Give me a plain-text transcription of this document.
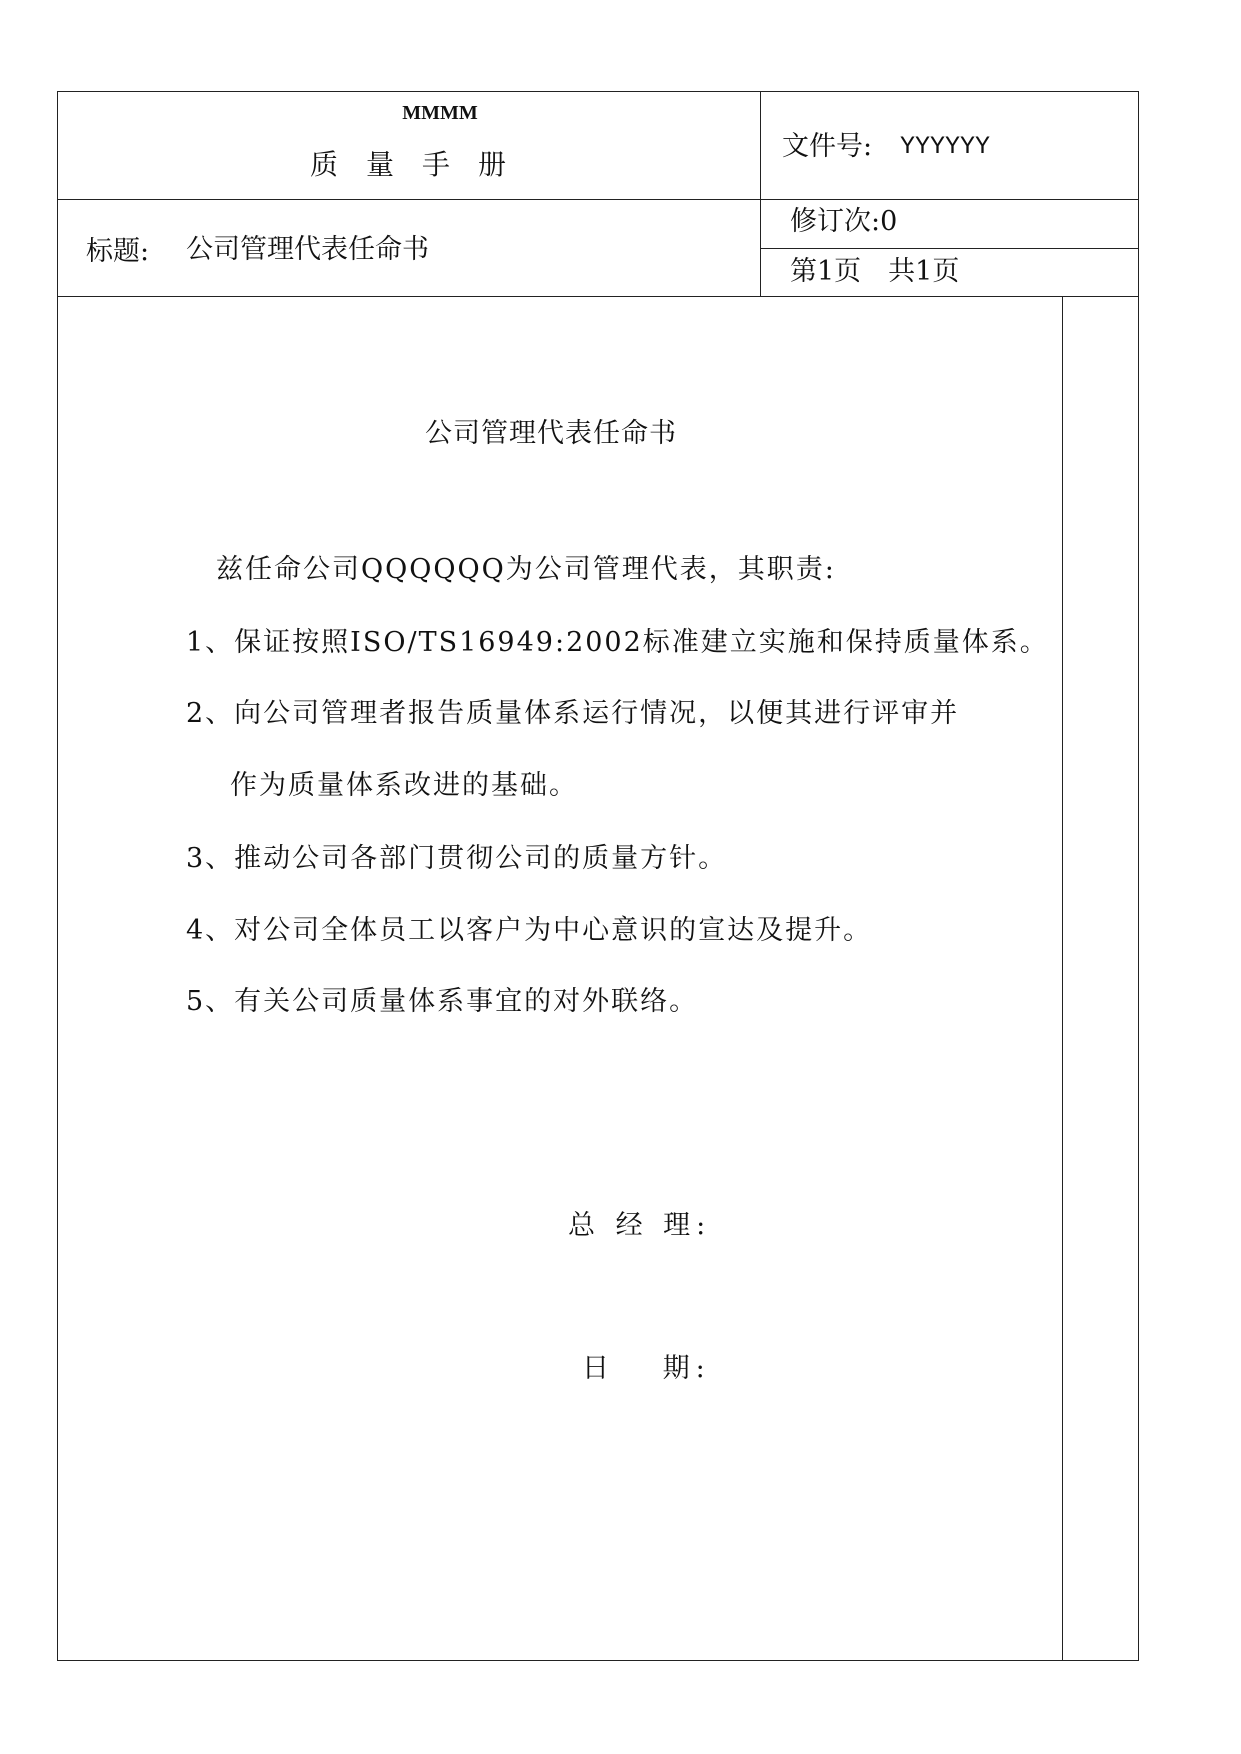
MMMM
质量手册
文件号: YYYYYY
标题: 公司管理代表任命书
修订次:0
第1页　共1页
公司管理代表任命书
兹任命公司QQQQQQ为公司管理代表，其职责:
1、保证按照ISO/TS16949:2002标准建立实施和保持质量体系。
2、向公司管理者报告质量体系运行情况，以便其进行评审并
作为质量体系改进的基础。
3、推动公司各部门贯彻公司的质量方针。
4、对公司全体员工以客户为中心意识的宣达及提升。
5、有关公司质量体系事宜的对外联络。
总 经 理:
日　 期:
